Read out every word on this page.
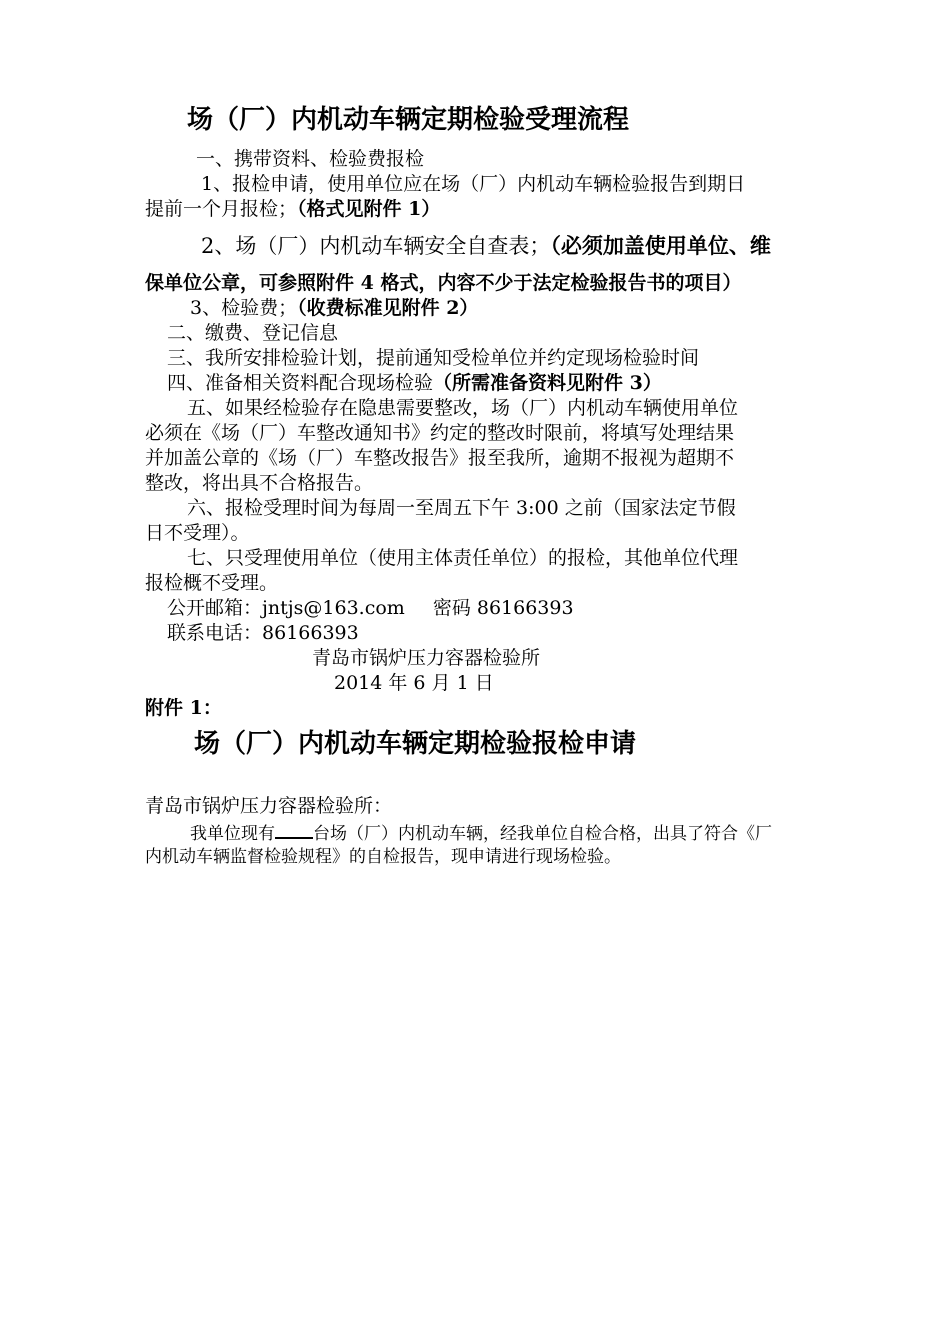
场（厂）内机动车辆定期检验受理流程
一、携带资料、检验费报检
1、报检申请，使用单位应在场（厂）内机动车辆检验报告到期日
提前一个月报检；（格式见附件 1）
2、场（厂）内机动车辆安全自查表；（必须加盖使用单位、维
保单位公章，可参照附件 4 格式，内容不少于法定检验报告书的项目）
3、检验费；（收费标准见附件 2）
二、缴费、登记信息
三、我所安排检验计划，提前通知受检单位并约定现场检验时间
四、准备相关资料配合现场检验（所需准备资料见附件 3）
五、如果经检验存在隐患需要整改，场（厂）内机动车辆使用单位
必须在《场（厂）车整改通知书》约定的整改时限前，将填写处理结果
并加盖公章的《场（厂）车整改报告》报至我所，逾期不报视为超期不
整改，将出具不合格报告。
六、报检受理时间为每周一至周五下午 3:00 之前（国家法定节假
日不受理）。
七、只受理使用单位（使用主体责任单位）的报检，其他单位代理
报检概不受理。
公开邮箱：jntjs@163.com 密码 86166393
联系电话：86166393
青岛市锅炉压力容器检验所
2014 年 6 月 1 日
附件 1：
场（厂）内机动车辆定期检验报检申请
青岛市锅炉压力容器检验所：
我单位现有 台场（厂）内机动车辆，经我单位自检合格，出具了符合《厂
内机动车辆监督检验规程》的自检报告，现申请进行现场检验。
